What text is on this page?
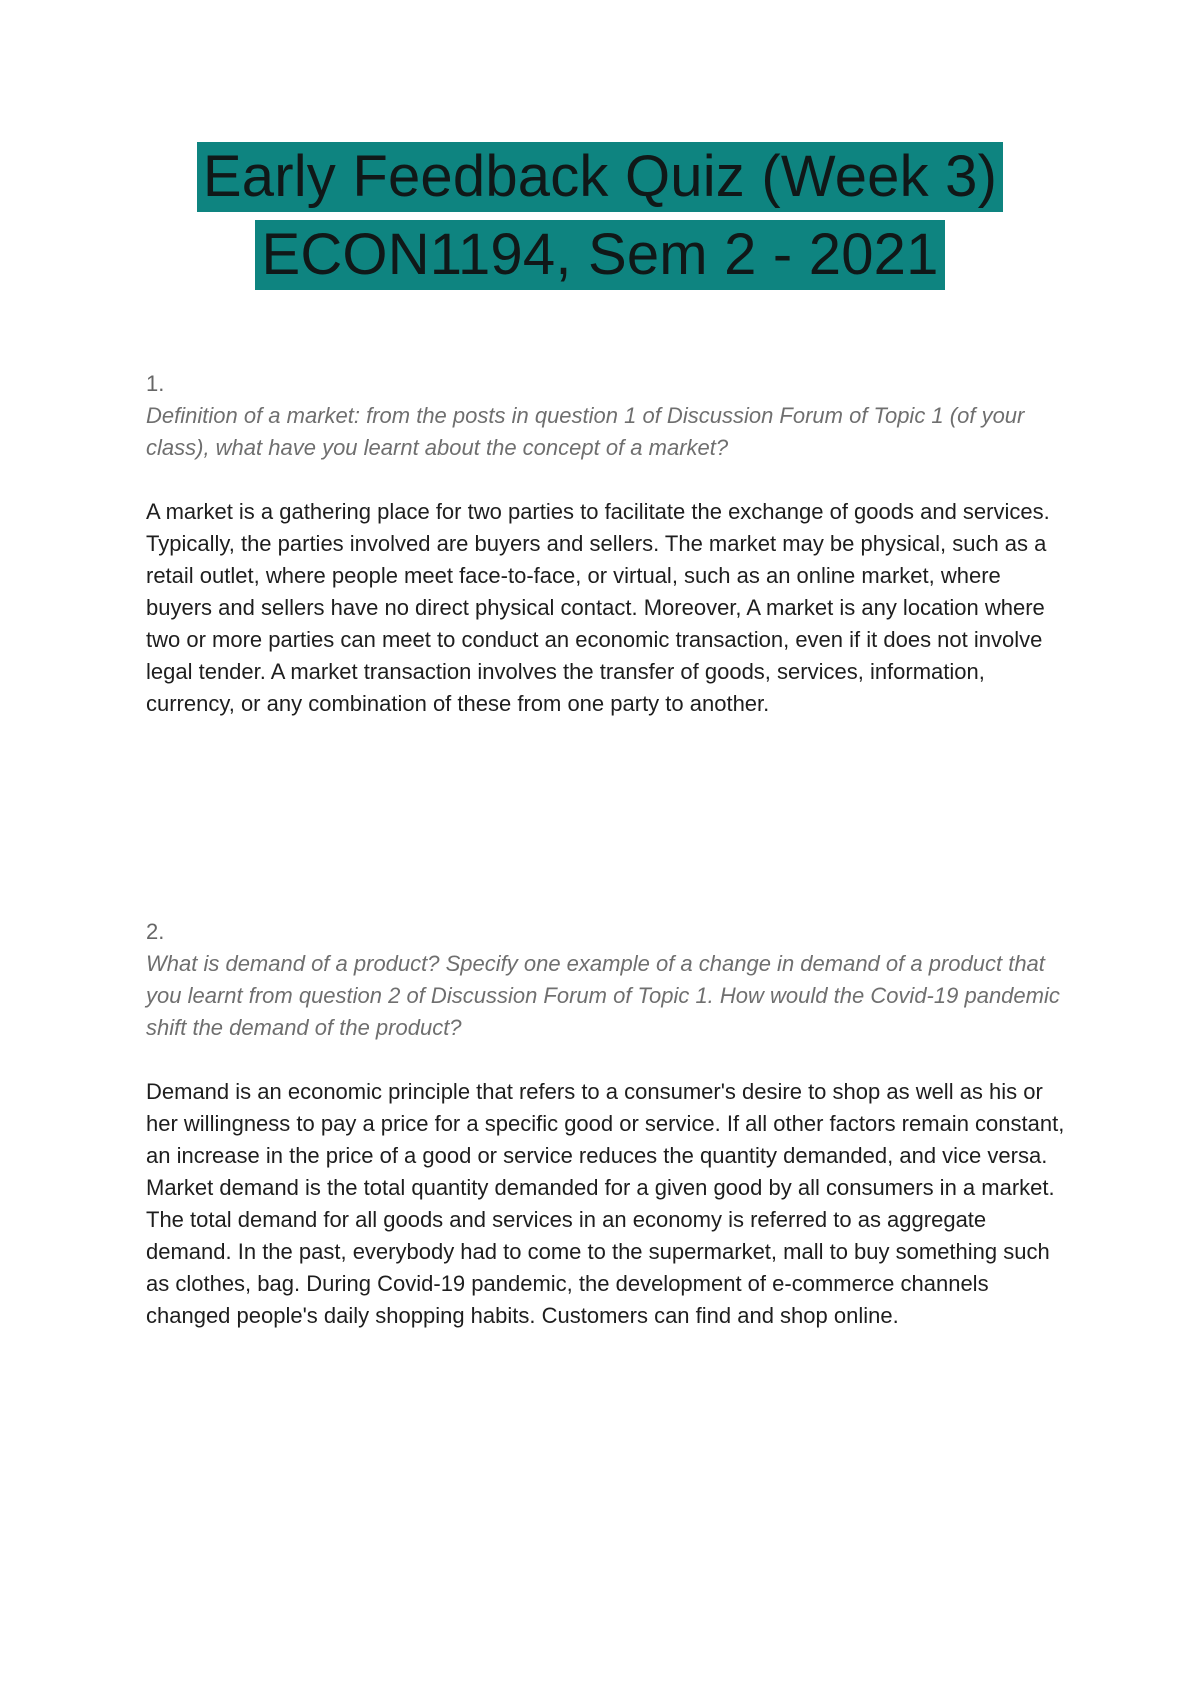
Early Feedback Quiz (Week 3)
ECON1194, Sem 2 - 2021
1.
Definition of a market: from the posts in question 1 of Discussion Forum of Topic 1 (of your class), what have you learnt about the concept of a market?
A market is a gathering place for two parties to facilitate the exchange of goods and services. Typically, the parties involved are buyers and sellers. The market may be physical, such as a retail outlet, where people meet face-to-face, or virtual, such as an online market, where buyers and sellers have no direct physical contact. Moreover, A market is any location where two or more parties can meet to conduct an economic transaction, even if it does not involve legal tender. A market transaction involves the transfer of goods, services, information, currency, or any combination of these from one party to another.
2.
What is demand of a product? Specify one example of a change in demand of a product that you learnt from question 2 of Discussion Forum of Topic 1. How would the Covid-19 pandemic shift the demand of the product?
Demand is an economic principle that refers to a consumer's desire to shop as well as his or her willingness to pay a price for a specific good or service. If all other factors remain constant, an increase in the price of a good or service reduces the quantity demanded, and vice versa. Market demand is the total quantity demanded for a given good by all consumers in a market. The total demand for all goods and services in an economy is referred to as aggregate demand. In the past, everybody had to come to the supermarket, mall to buy something such as clothes, bag. During Covid-19 pandemic, the development of e-commerce channels changed people's daily shopping habits. Customers can find and shop online.
